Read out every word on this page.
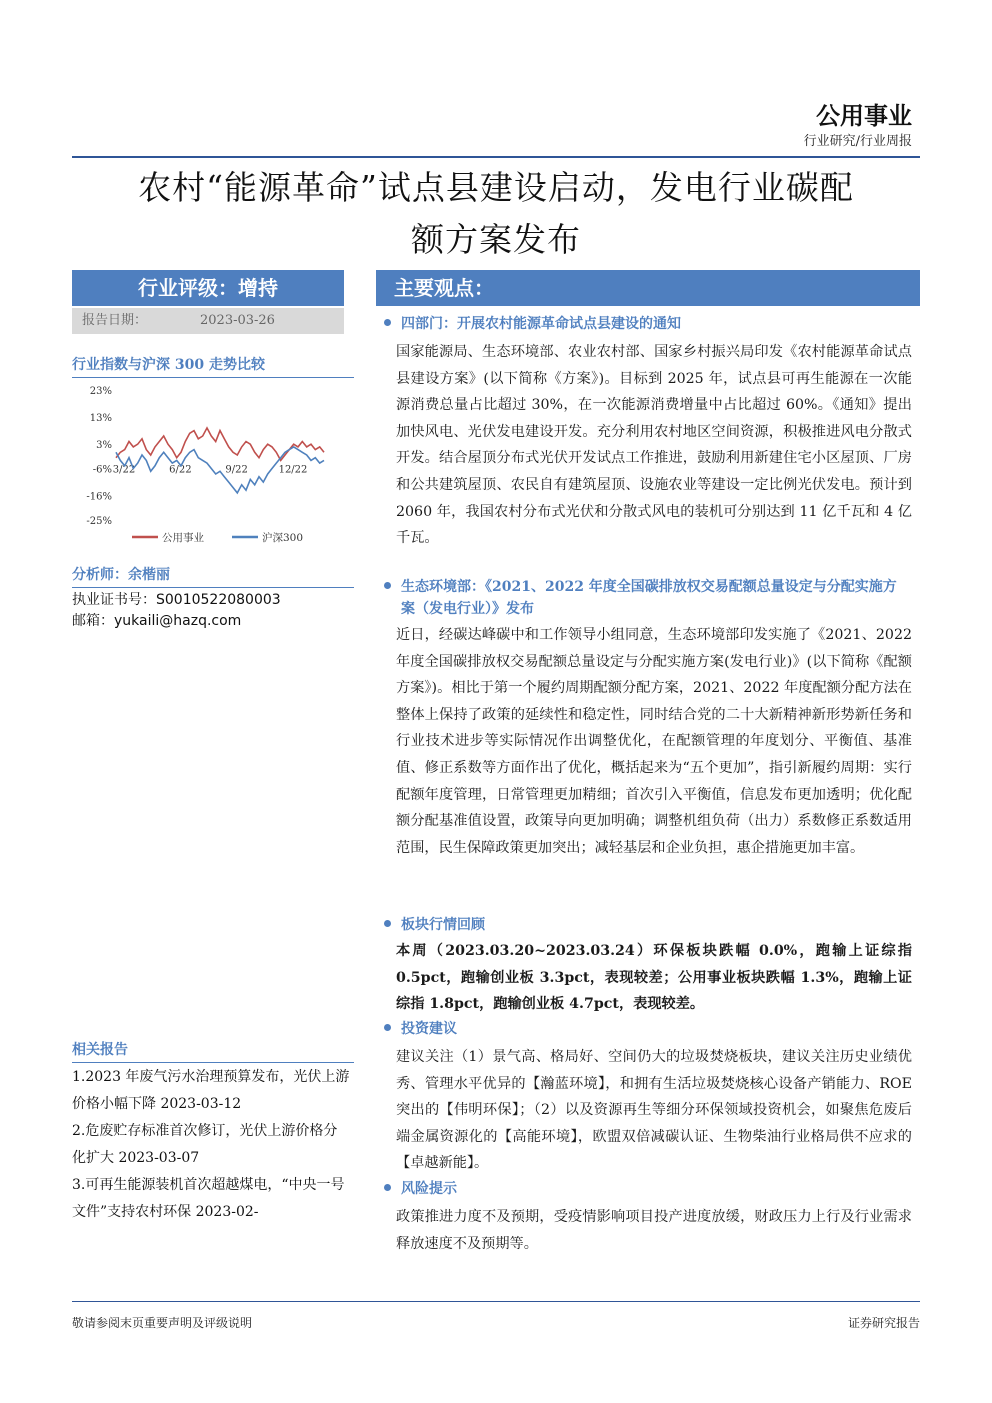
公用事业
行业研究/行业周报
农村“能源革命”试点县建设启动，发电行业碳配
额方案发布
行业评级：增持
报告日期：	2023-03-26
行业指数与沪深 300 走势比较
23%
13%
3%
-6%
-16%
-25%
3/22	6/22	9/22	12/22
公用事业	沪深300
分析师：余楷丽
执业证书号：S0010522080003
邮箱：yukaili@hazq.com
相关报告
1.2023 年废气污水治理预算发布，光伏上游价格小幅下降 2023-03-12
2.危废贮存标准首次修订，光伏上游价格分化扩大 2023-03-07
3.可再生能源装机首次超越煤电，“中央一号文件”支持农村环保 2023-02-
主要观点：
四部门：开展农村能源革命试点县建设的通知
国家能源局、生态环境部、农业农村部、国家乡村振兴局印发《农村能源革命试点县建设方案》(以下简称《方案》)。目标到 2025 年，试点县可再生能源在一次能源消费总量占比超过 30%，在一次能源消费增量中占比超过 60%。《通知》提出加快风电、光伏发电建设开发。充分利用农村地区空间资源，积极推进风电分散式开发。结合屋顶分布式光伏开发试点工作推进，鼓励利用新建住宅小区屋顶、厂房和公共建筑屋顶、农民自有建筑屋顶、设施农业等建设一定比例光伏发电。预计到 2060 年，我国农村分布式光伏和分散式风电的装机可分别达到 11 亿千瓦和 4 亿千瓦。
生态环境部：《2021、2022 年度全国碳排放权交易配额总量设定与分配实施方案（发电行业）》发布
近日，经碳达峰碳中和工作领导小组同意，生态环境部印发实施了《2021、2022 年度全国碳排放权交易配额总量设定与分配实施方案(发电行业)》(以下简称《配额方案》)。相比于第一个履约周期配额分配方案，2021、2022 年度配额分配方法在整体上保持了政策的延续性和稳定性，同时结合党的二十大新精神新形势新任务和行业技术进步等实际情况作出调整优化，在配额管理的年度划分、平衡值、基准值、修正系数等方面作出了优化，概括起来为“五个更加”，指引新履约周期：实行配额年度管理，日常管理更加精细；首次引入平衡值，信息发布更加透明；优化配额分配基准值设置，政策导向更加明确；调整机组负荷（出力）系数修正系数适用范围，民生保障政策更加突出；减轻基层和企业负担，惠企措施更加丰富。
板块行情回顾
本周（2023.03.20~2023.03.24）环保板块跌幅 0.0%，跑输上证综指 0.5pct，跑输创业板 3.3pct，表现较差；公用事业板块跌幅 1.3%，跑输上证综指 1.8pct，跑输创业板 4.7pct，表现较差。
投资建议
建议关注（1）景气高、格局好、空间仍大的垃圾焚烧板块，建议关注历史业绩优秀、管理水平优异的【瀚蓝环境】，和拥有生活垃圾焚烧核心设备产销能力、ROE 突出的【伟明环保】；（2）以及资源再生等细分环保领域投资机会，如聚焦危废后端金属资源化的【高能环境】，欧盟双倍减碳认证、生物柴油行业格局供不应求的【卓越新能】。
风险提示
政策推进力度不及预期，受疫情影响项目投产进度放缓，财政压力上行及行业需求释放速度不及预期等。
敬请参阅末页重要声明及评级说明	证券研究报告
